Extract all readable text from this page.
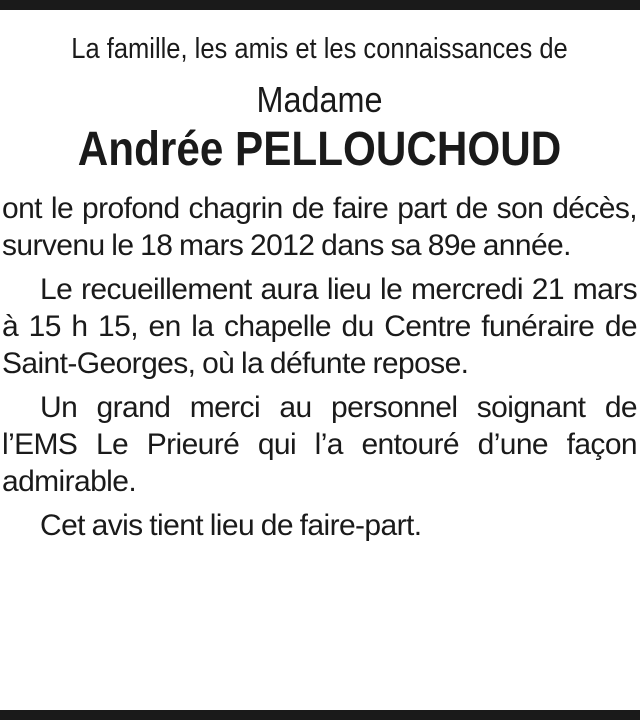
La famille, les amis et les connaissances de

Madame

Andrée PELLOUCHOUD

ont le profond chagrin de faire part de son décès, survenu le 18 mars 2012 dans sa 89e année.

Le recueillement aura lieu le mercredi 21 mars à 15 h 15, en la chapelle du Centre funéraire de Saint-Georges, où la défunte repose.

Un grand merci au personnel soignant de l’EMS Le Prieuré qui l’a entouré d’une façon admirable.

Cet avis tient lieu de faire-part.
